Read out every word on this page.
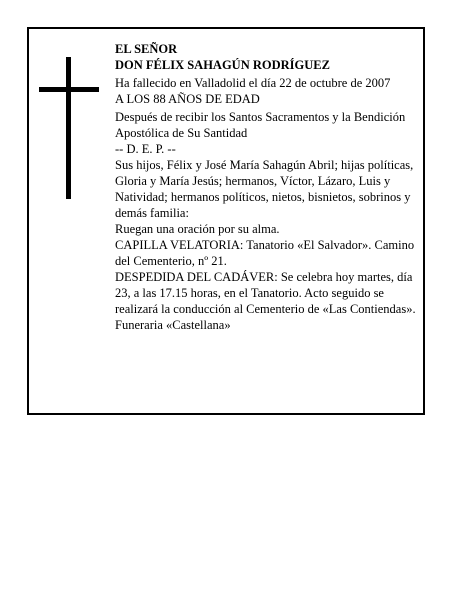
EL SEÑOR

DON FÉLIX SAHAGÚN RODRÍGUEZ

Ha fallecido en Valladolid el día 22 de octubre de 2007

A LOS 88 AÑOS DE EDAD

Después de recibir los Santos Sacramentos y la Bendición Apostólica de Su Santidad

-- D. E. P. --

Sus hijos, Félix y José María Sahagún Abril; hijas políticas, Gloria y María Jesús; hermanos, Víctor, Lázaro, Luis y Natividad; hermanos políticos, nietos, bisnietos, sobrinos y demás familia:

Ruegan una oración por su alma.

CAPILLA VELATORIA: Tanatorio «El Salvador». Camino del Cementerio, nº 21.

DESPEDIDA DEL CADÁVER: Se celebra hoy martes, día 23, a las 17.15 horas, en el Tanatorio. Acto seguido se realizará la conducción al Cementerio de «Las Contiendas».

Funeraria «Castellana»
